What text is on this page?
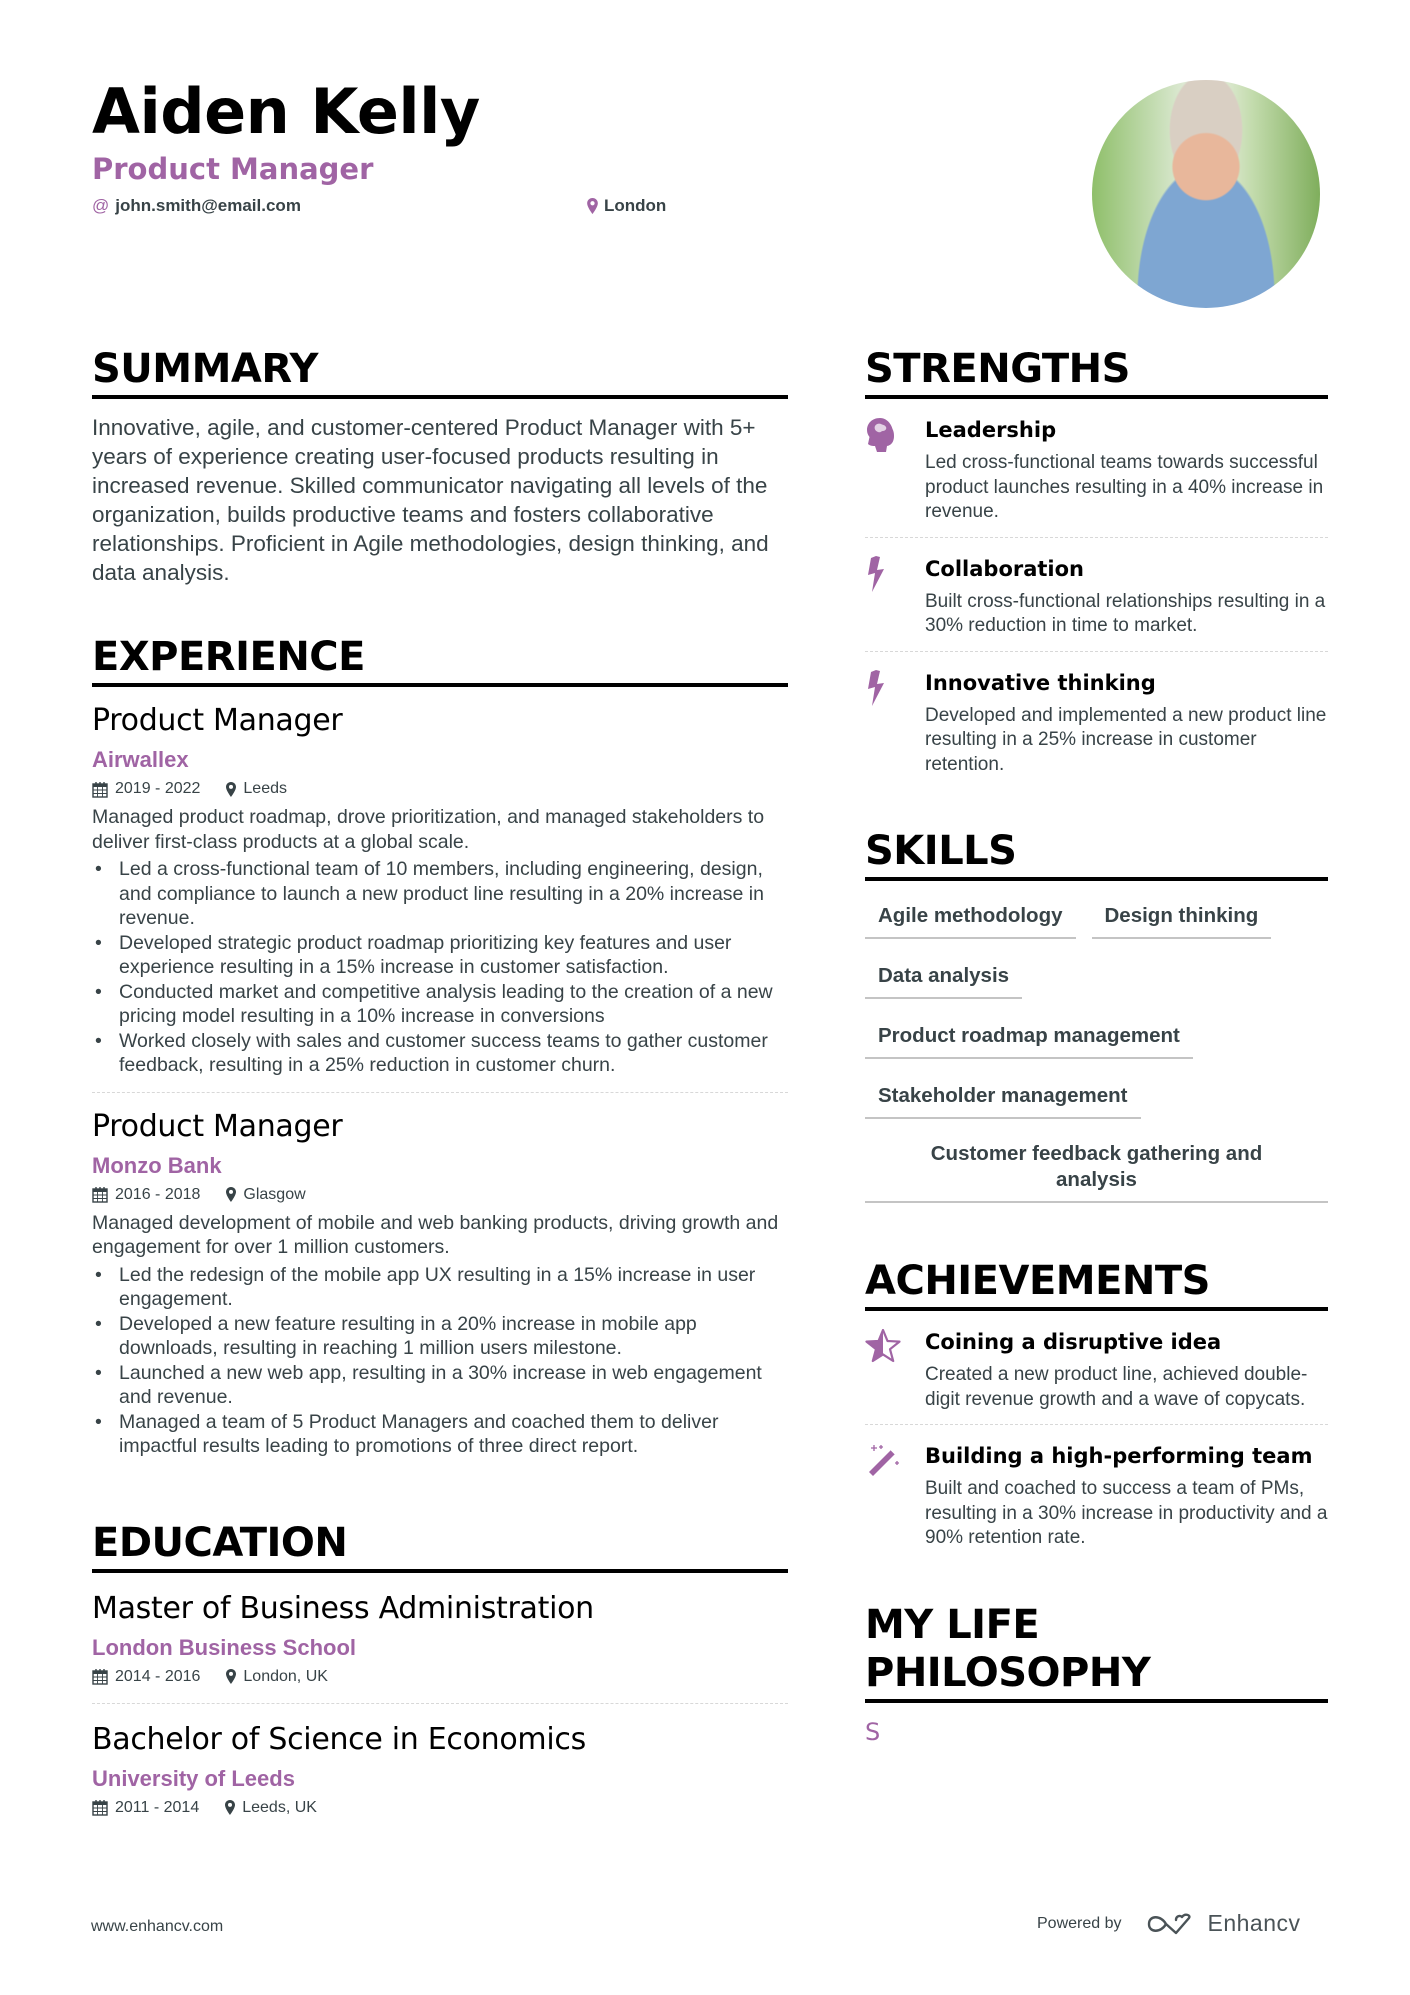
Aiden Kelly
Product Manager
@ john.smith@email.com	London
SUMMARY

Innovative, agile, and customer-centered Product Manager with 5+ years of experience creating user-focused products resulting in increased revenue. Skilled communicator navigating all levels of the organization, builds productive teams and fosters collaborative relationships. Proficient in Agile methodologies, design thinking, and data analysis.

EXPERIENCE
Product Manager
Airwallex
2019 - 2022	Leeds

Managed product roadmap, drove prioritization, and managed stakeholders to deliver first-class products at a global scale.

• Led a cross-functional team of 10 members, including engineering, design, and compliance to launch a new product line resulting in a 20% increase in revenue.
• Developed strategic product roadmap prioritizing key features and user experience resulting in a 15% increase in customer satisfaction.
• Conducted market and competitive analysis leading to the creation of a new pricing model resulting in a 10% increase in conversions
• Worked closely with sales and customer success teams to gather customer feedback, resulting in a 25% reduction in customer churn.
Product Manager
Monzo Bank
2016 - 2018	Glasgow

Managed development of mobile and web banking products, driving growth and engagement for over 1 million customers.

• Led the redesign of the mobile app UX resulting in a 15% increase in user engagement.
• Developed a new feature resulting in a 20% increase in mobile app downloads, resulting in reaching 1 million users milestone.
• Launched a new web app, resulting in a 30% increase in web engagement and revenue.
• Managed a team of 5 Product Managers and coached them to deliver impactful results leading to promotions of three direct report.
EDUCATION
Master of Business Administration
London Business School
2014 - 2016	London, UK
Bachelor of Science in Economics
University of Leeds
2011 - 2014	Leeds, UK
STRENGTHS
Leadership

Led cross-functional teams towards successful product launches resulting in a 40% increase in revenue.

Collaboration

Built cross-functional relationships resulting in a 30% reduction in time to market.

Innovative thinking

Developed and implemented a new product line resulting in a 25% increase in customer retention.

SKILLS
Agile methodology	Design thinking
Data analysis
Product roadmap management
Stakeholder management
Customer feedback gathering and analysis
ACHIEVEMENTS
Coining a disruptive idea

Created a new product line, achieved double-digit revenue growth and a wave of copycats.

Building a high-performing team

Built and coached to success a team of PMs, resulting in a 30% increase in productivity and a 90% retention rate.

MY LIFE PHILOSOPHY
S
www.enhancv.com	Powered by	Enhancv
